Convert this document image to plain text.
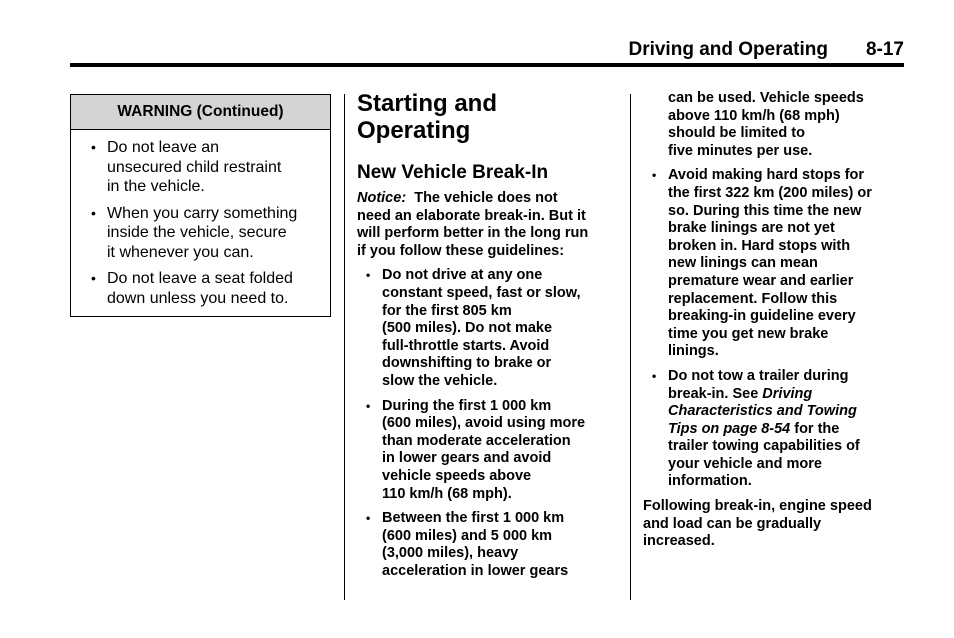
Driving and Operating 8-17
WARNING (Continued)
• Do not leave an
unsecured child restraint
in the vehicle.
• When you carry something
inside the vehicle, secure
it whenever you can.
• Do not leave a seat folded
down unless you need to.
Starting and
Operating
New Vehicle Break-In

Notice: The vehicle does not
need an elaborate break-in. But it
will perform better in the long run
if you follow these guidelines:

• Do not drive at any one
constant speed, fast or slow,
for the first 805 km
(500 miles). Do not make
full-throttle starts. Avoid
downshifting to brake or
slow the vehicle.
• During the first 1 000 km
(600 miles), avoid using more
than moderate acceleration
in lower gears and avoid
vehicle speeds above
110 km/h (68 mph).
• Between the first 1 000 km
(600 miles) and 5 000 km
(3,000 miles), heavy
acceleration in lower gears
can be used. Vehicle speeds
above 110 km/h (68 mph)
should be limited to
five minutes per use.
• Avoid making hard stops for
the first 322 km (200 miles) or
so. During this time the new
brake linings are not yet
broken in. Hard stops with
new linings can mean
premature wear and earlier
replacement. Follow this
breaking-in guideline every
time you get new brake
linings.
• Do not tow a trailer during
break-in. See Driving
Characteristics and Towing
Tips on page 8-54 for the
trailer towing capabilities of
your vehicle and more
information.

Following break-in, engine speed
and load can be gradually
increased.
